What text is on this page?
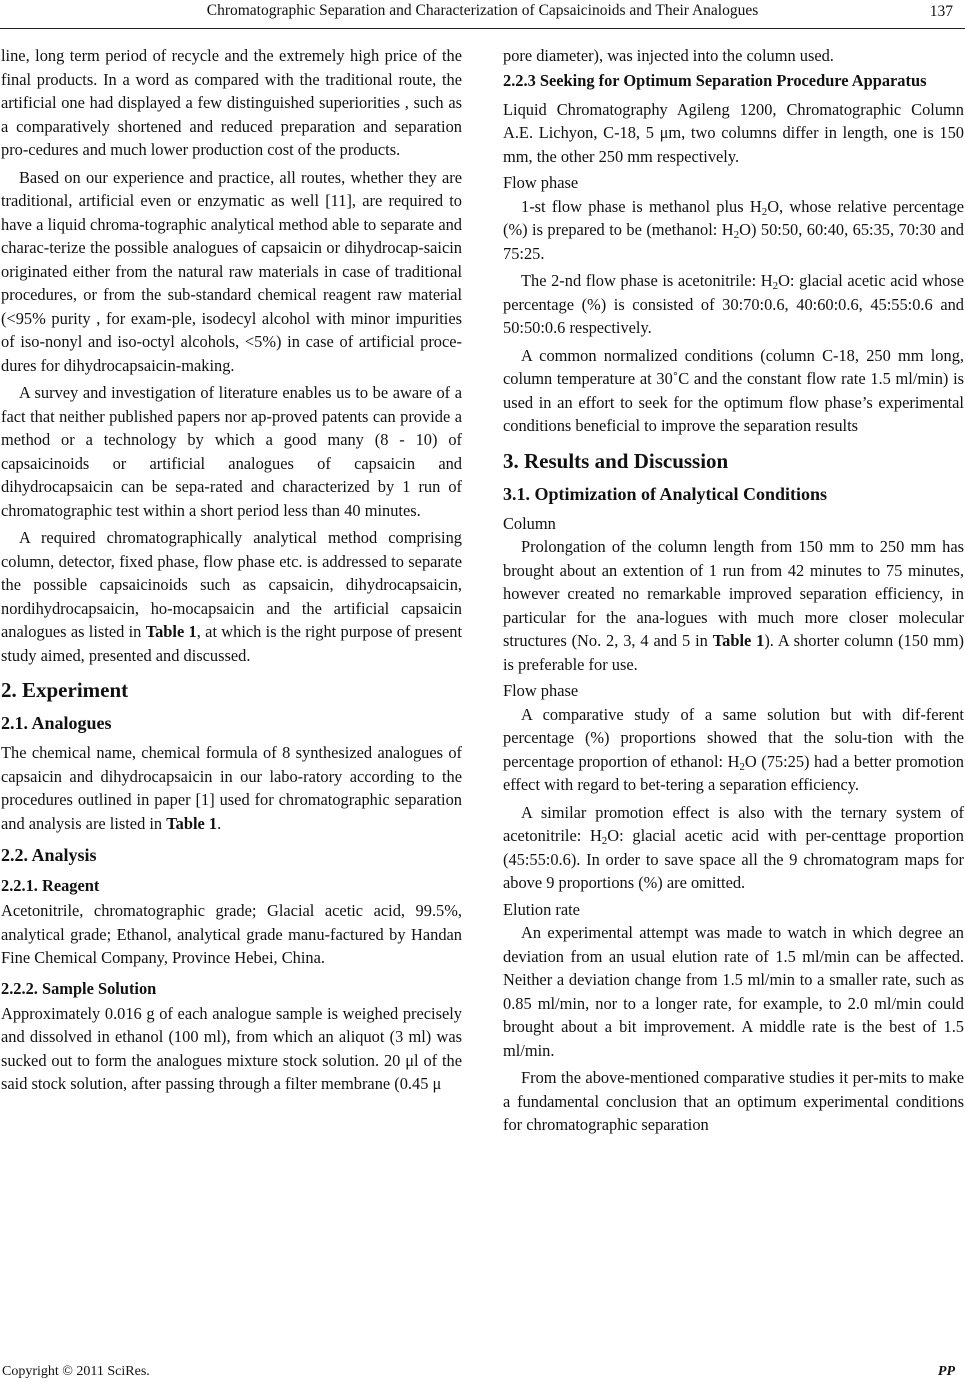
Chromatographic Separation and Characterization of Capsaicinoids and Their Analogues	137

line, long term period of recycle and the extremely high price of the final products. In a word as compared with the traditional route, the artificial one had displayed a few distinguished superiorities , such as a comparatively shortened and reduced preparation and separation pro-cedures and much lower production cost of the products.

Based on our experience and practice, all routes, whether they are traditional, artificial even or enzymatic as well [11], are required to have a liquid chroma-tographic analytical method able to separate and charac-terize the possible analogues of capsaicin or dihydrocap-saicin originated either from the natural raw materials in case of traditional procedures, or from the sub-standard chemical reagent raw material (<95% purity , for exam-ple, isodecyl alcohol with minor impurities of iso-nonyl and iso-octyl alcohols, <5%) in case of artificial proce-dures for dihydrocapsaicin-making.

A survey and investigation of literature enables us to be aware of a fact that neither published papers nor ap-proved patents can provide a method or a technology by which a good many (8 - 10) of capsaicinoids or artificial analogues of capsaicin and dihydrocapsaicin can be sepa-rated and characterized by 1 run of chromatographic test within a short period less than 40 minutes.

A required chromatographically analytical method comprising column, detector, fixed phase, flow phase etc. is addressed to separate the possible capsaicinoids such as capsaicin, dihydrocapsaicin, nordihydrocapsaicin, ho-mocapsaicin and the artificial capsaicin analogues as listed in Table 1, at which is the right purpose of present study aimed, presented and discussed.

2. Experiment
2.1. Analogues

The chemical name, chemical formula of 8 synthesized analogues of capsaicin and dihydrocapsaicin in our labo-ratory according to the procedures outlined in paper [1] used for chromatographic separation and analysis are listed in Table 1.

2.2. Analysis
2.2.1. Reagent

Acetonitrile, chromatographic grade; Glacial acetic acid, 99.5%, analytical grade; Ethanol, analytical grade manu-factured by Handan Fine Chemical Company, Province Hebei, China.

2.2.2. Sample Solution

Approximately 0.016 g of each analogue sample is weighed precisely and dissolved in ethanol (100 ml), from which an aliquot (3 ml) was sucked out to form the analogues mixture stock solution. 20 μl of the said stock solution, after passing through a filter membrane (0.45 μ

pore diameter), was injected into the column used.

2.2.3 Seeking for Optimum Separation Procedure Apparatus

Liquid Chromatography Agileng 1200, Chromatographic Column A.E. Lichyon, C-18, 5 μm, two columns differ in length, one is 150 mm, the other 250 mm respectively.

Flow phase

1-st flow phase is methanol plus $H_2O$, whose relative percentage (%) is prepared to be (methanol: $H_2O$) 50:50, 60:40, 65:35, 70:30 and 75:25.

The 2-nd flow phase is acetonitrile: $H_2O$: glacial acetic acid whose percentage (%) is consisted of 30:70:0.6, 40:60:0.6, 45:55:0.6 and 50:50:0.6 respectively.

A common normalized conditions (column C-18, 250 mm long, column temperature at 30˚C and the constant flow rate 1.5 ml/min) is used in an effort to seek for the optimum flow phase’s experimental conditions beneficial to improve the separation results

3. Results and Discussion
3.1. Optimization of Analytical Conditions
Column

Prolongation of the column length from 150 mm to 250 mm has brought about an extention of 1 run from 42 minutes to 75 minutes, however created no remarkable improved separation efficiency, in particular for the ana-logues with much more closer molecular structures (No. 2, 3, 4 and 5 in Table 1). A shorter column (150 mm) is preferable for use.

Flow phase

A comparative study of a same solution but with dif-ferent percentage (%) proportions showed that the solu-tion with the percentage proportion of ethanol: $H_2O$ (75:25) had a better promotion effect with regard to bet-tering a separation efficiency.

A similar promotion effect is also with the ternary system of acetonitrile: $H_2O$: glacial acetic acid with per-centtage proportion (45:55:0.6). In order to save space all the 9 chromatogram maps for above 9 proportions (%) are omitted.

Elution rate

An experimental attempt was made to watch in which degree an deviation from an usual elution rate of 1.5 ml/min can be affected. Neither a deviation change from 1.5 ml/min to a smaller rate, such as 0.85 ml/min, nor to a longer rate, for example, to 2.0 ml/min could brought about a bit improvement. A middle rate is the best of 1.5 ml/min.

From the above-mentioned comparative studies it per-mits to make a fundamental conclusion that an optimum experimental conditions for chromatographic separation

Copyright © 2011 SciRes.	PP
